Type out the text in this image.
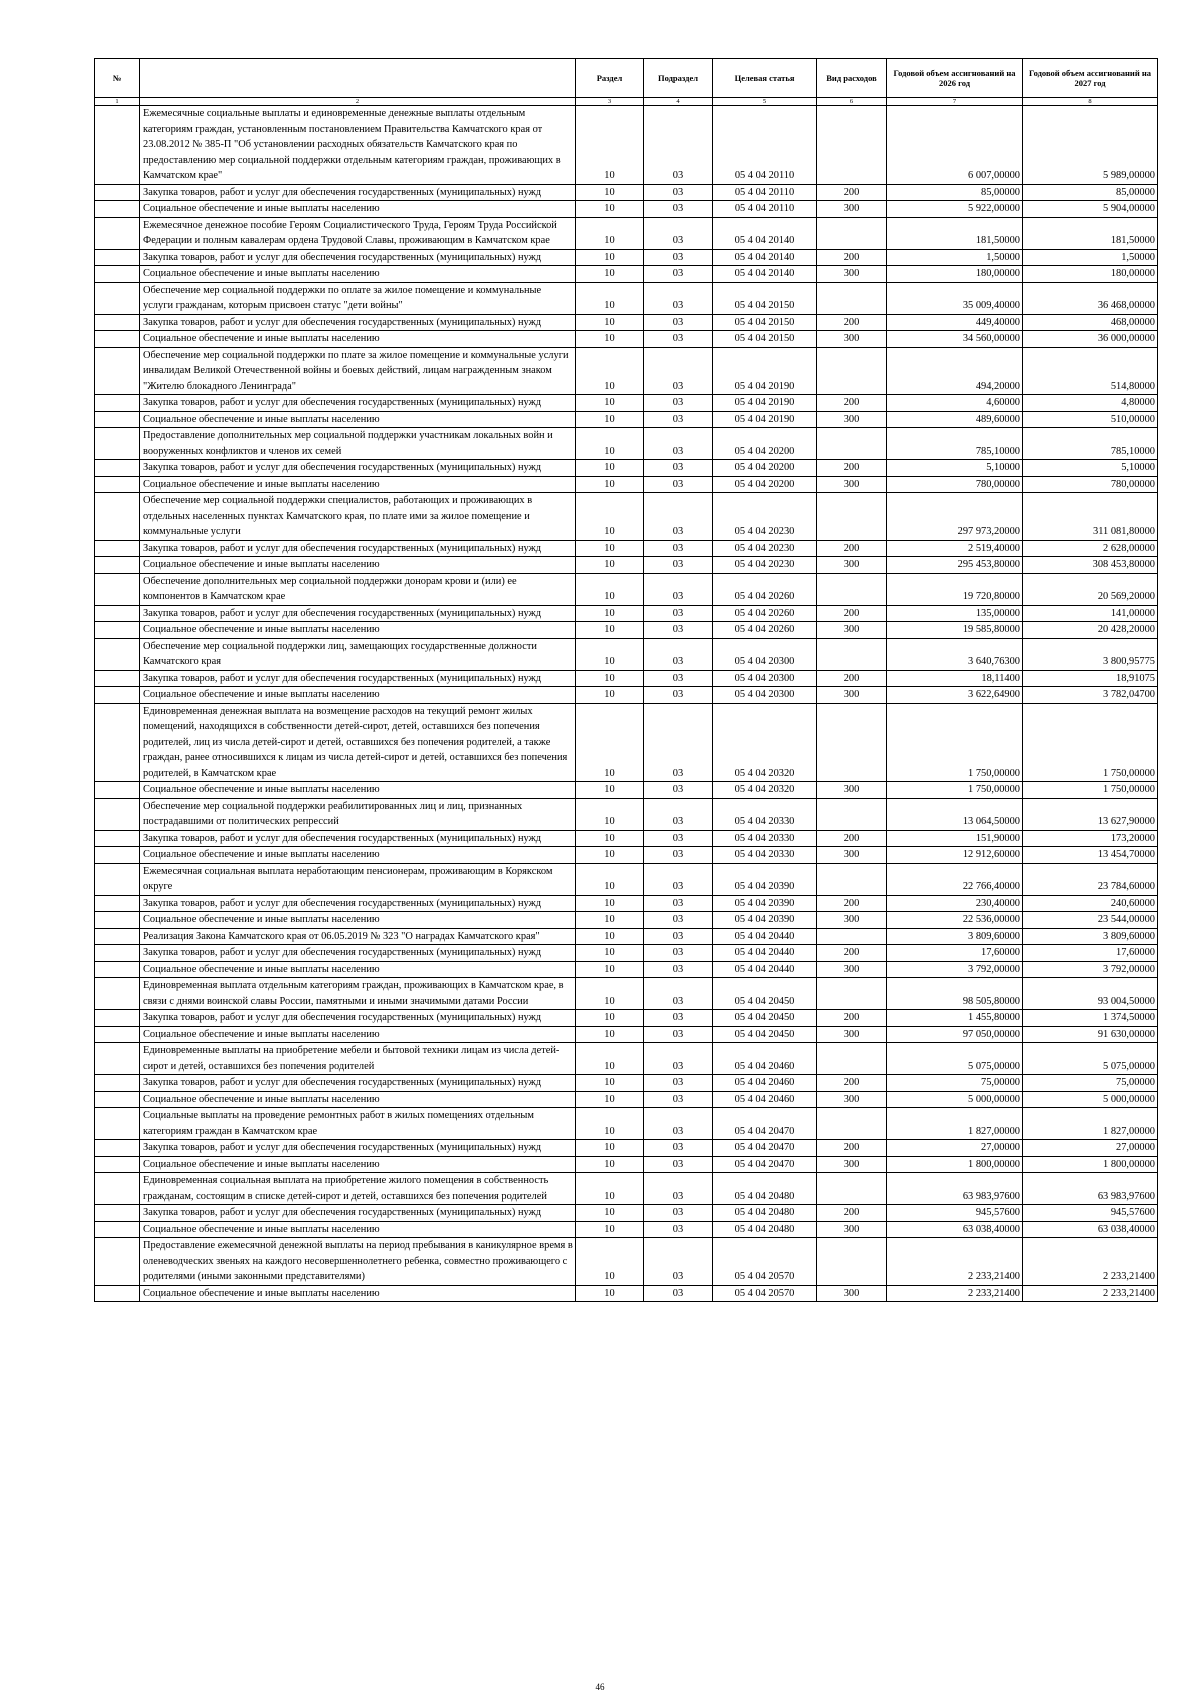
№		Раздел	Подраздел	Целевая статья	Вид расходов	Годовой объем ассигнований на 2026 год	Годовой объем ассигнований на 2027 год
1	2	3	4	5	6	7	8
	Ежемесячные социальные выплаты и единовременные денежные выплаты отдельным категориям граждан, установленным постановлением Правительства Камчатского края от 23.08.2012 № 385-П "Об установлении расходных обязательств Камчатского края по предоставлению мер социальной поддержки отдельным категориям граждан, проживающих в Камчатском крае"	10	03	05 4 04 20110		6 007,00000	5 989,00000
	Закупка товаров, работ и услуг для обеспечения государственных (муниципальных) нужд	10	03	05 4 04 20110	200	85,00000	85,00000
	Социальное обеспечение и иные выплаты населению	10	03	05 4 04 20110	300	5 922,00000	5 904,00000
	Ежемесячное денежное пособие Героям Социалистического Труда, Героям Труда Российской Федерации и полным кавалерам ордена Трудовой Славы, проживающим в Камчатском крае	10	03	05 4 04 20140		181,50000	181,50000
	Закупка товаров, работ и услуг для обеспечения государственных (муниципальных) нужд	10	03	05 4 04 20140	200	1,50000	1,50000
	Социальное обеспечение и иные выплаты населению	10	03	05 4 04 20140	300	180,00000	180,00000
	Обеспечение мер социальной поддержки по оплате за жилое помещение и коммунальные услуги гражданам, которым присвоен статус "дети войны"	10	03	05 4 04 20150		35 009,40000	36 468,00000
	Закупка товаров, работ и услуг для обеспечения государственных (муниципальных) нужд	10	03	05 4 04 20150	200	449,40000	468,00000
	Социальное обеспечение и иные выплаты населению	10	03	05 4 04 20150	300	34 560,00000	36 000,00000
	Обеспечение мер социальной поддержки по плате за жилое помещение и коммунальные услуги инвалидам Великой Отечественной войны и боевых действий, лицам награжденным знаком "Жителю блокадного Ленинграда"	10	03	05 4 04 20190		494,20000	514,80000
	Закупка товаров, работ и услуг для обеспечения государственных (муниципальных) нужд	10	03	05 4 04 20190	200	4,60000	4,80000
	Социальное обеспечение и иные выплаты населению	10	03	05 4 04 20190	300	489,60000	510,00000
	Предоставление дополнительных мер социальной поддержки участникам локальных войн и вооруженных конфликтов и членов их семей	10	03	05 4 04 20200		785,10000	785,10000
	Закупка товаров, работ и услуг для обеспечения государственных (муниципальных) нужд	10	03	05 4 04 20200	200	5,10000	5,10000
	Социальное обеспечение и иные выплаты населению	10	03	05 4 04 20200	300	780,00000	780,00000
	Обеспечение мер социальной поддержки специалистов, работающих и проживающих в отдельных населенных пунктах Камчатского края, по плате ими за жилое помещение и коммунальные услуги	10	03	05 4 04 20230		297 973,20000	311 081,80000
	Закупка товаров, работ и услуг для обеспечения государственных (муниципальных) нужд	10	03	05 4 04 20230	200	2 519,40000	2 628,00000
	Социальное обеспечение и иные выплаты населению	10	03	05 4 04 20230	300	295 453,80000	308 453,80000
	Обеспечение дополнительных мер социальной поддержки донорам крови и (или) ее компонентов в Камчатском крае	10	03	05 4 04 20260		19 720,80000	20 569,20000
	Закупка товаров, работ и услуг для обеспечения государственных (муниципальных) нужд	10	03	05 4 04 20260	200	135,00000	141,00000
	Социальное обеспечение и иные выплаты населению	10	03	05 4 04 20260	300	19 585,80000	20 428,20000
	Обеспечение мер социальной поддержки лиц, замещающих государственные должности Камчатского края	10	03	05 4 04 20300		3 640,76300	3 800,95775
	Закупка товаров, работ и услуг для обеспечения государственных (муниципальных) нужд	10	03	05 4 04 20300	200	18,11400	18,91075
	Социальное обеспечение и иные выплаты населению	10	03	05 4 04 20300	300	3 622,64900	3 782,04700
	Единовременная денежная выплата на возмещение расходов на текущий ремонт жилых помещений, находящихся в собственности детей-сирот, детей, оставшихся без попечения родителей, лиц из числа детей-сирот и детей, оставшихся без попечения родителей, а также граждан, ранее относившихся к лицам из числа детей-сирот и детей, оставшихся без попечения родителей, в Камчатском крае	10	03	05 4 04 20320		1 750,00000	1 750,00000
	Социальное обеспечение и иные выплаты населению	10	03	05 4 04 20320	300	1 750,00000	1 750,00000
	Обеспечение мер социальной поддержки реабилитированных лиц и лиц, признанных пострадавшими от политических репрессий	10	03	05 4 04 20330		13 064,50000	13 627,90000
	Закупка товаров, работ и услуг для обеспечения государственных (муниципальных) нужд	10	03	05 4 04 20330	200	151,90000	173,20000
	Социальное обеспечение и иные выплаты населению	10	03	05 4 04 20330	300	12 912,60000	13 454,70000
	Ежемесячная социальная выплата неработающим пенсионерам, проживающим в Корякском округе	10	03	05 4 04 20390		22 766,40000	23 784,60000
	Закупка товаров, работ и услуг для обеспечения государственных (муниципальных) нужд	10	03	05 4 04 20390	200	230,40000	240,60000
	Социальное обеспечение и иные выплаты населению	10	03	05 4 04 20390	300	22 536,00000	23 544,00000
	Реализация Закона Камчатского края от 06.05.2019 № 323 "О наградах Камчатского края"	10	03	05 4 04 20440		3 809,60000	3 809,60000
	Закупка товаров, работ и услуг для обеспечения государственных (муниципальных) нужд	10	03	05 4 04 20440	200	17,60000	17,60000
	Социальное обеспечение и иные выплаты населению	10	03	05 4 04 20440	300	3 792,00000	3 792,00000
	Единовременная выплата отдельным категориям граждан, проживающих в Камчатском крае, в связи с днями воинской славы России, памятными и иными значимыми датами России	10	03	05 4 04 20450		98 505,80000	93 004,50000
	Закупка товаров, работ и услуг для обеспечения государственных (муниципальных) нужд	10	03	05 4 04 20450	200	1 455,80000	1 374,50000
	Социальное обеспечение и иные выплаты населению	10	03	05 4 04 20450	300	97 050,00000	91 630,00000
	Единовременные выплаты на приобретение мебели и бытовой техники лицам из числа детей-сирот и детей, оставшихся без попечения родителей	10	03	05 4 04 20460		5 075,00000	5 075,00000
	Закупка товаров, работ и услуг для обеспечения государственных (муниципальных) нужд	10	03	05 4 04 20460	200	75,00000	75,00000
	Социальное обеспечение и иные выплаты населению	10	03	05 4 04 20460	300	5 000,00000	5 000,00000
	Социальные выплаты на проведение ремонтных работ в жилых помещениях отдельным категориям граждан в Камчатском крае	10	03	05 4 04 20470		1 827,00000	1 827,00000
	Закупка товаров, работ и услуг для обеспечения государственных (муниципальных) нужд	10	03	05 4 04 20470	200	27,00000	27,00000
	Социальное обеспечение и иные выплаты населению	10	03	05 4 04 20470	300	1 800,00000	1 800,00000
	Единовременная социальная выплата на приобретение жилого помещения в собственность гражданам, состоящим в списке детей-сирот и детей, оставшихся без попечения родителей	10	03	05 4 04 20480		63 983,97600	63 983,97600
	Закупка товаров, работ и услуг для обеспечения государственных (муниципальных) нужд	10	03	05 4 04 20480	200	945,57600	945,57600
	Социальное обеспечение и иные выплаты населению	10	03	05 4 04 20480	300	63 038,40000	63 038,40000
	Предоставление ежемесячной денежной выплаты на период пребывания в каникулярное время в оленеводческих звеньях на каждого несовершеннолетнего ребенка, совместно проживающего с родителями (иными законными представителями)	10	03	05 4 04 20570		2 233,21400	2 233,21400
	Социальное обеспечение и иные выплаты населению	10	03	05 4 04 20570	300	2 233,21400	2 233,21400
46
